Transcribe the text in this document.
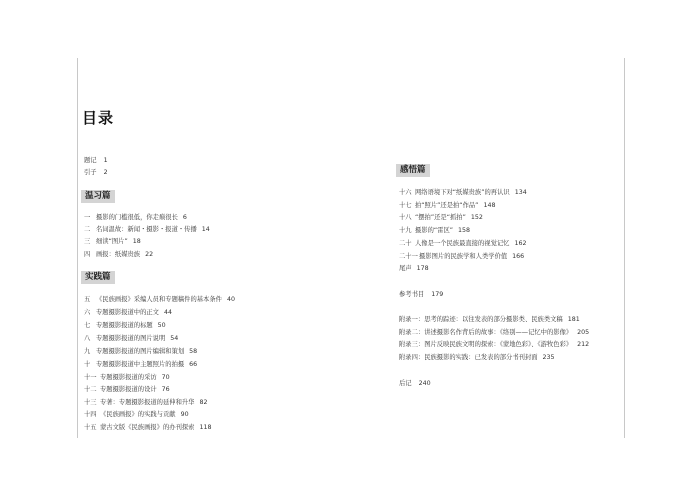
目录
题记 1
引子 2
温习篇
一 摄影的门槛很低，你走巅很长 6
二 名词温故：新闻・摄影・报道・传播 14
三 细读“图片” 18
四 画报：纸媒贵族 22
实践篇
五 《民族画报》采编人员和专题稿件的基本条件 40
六 专题摄影报道中的正文 44
七 专题摄影报道的标题 50
八 专题摄影报道的图片说明 54
九 专题摄影报道的图片编辑和策划 58
十 专题摄影报道中主题照片的拍摄 66
十一 专题摄影报道的采访 70
十二 专题摄影报道的设计 76
十三 专著：专题摄影报道的延伸和升华 82
十四 《民族画报》的实践与贡献 90
十五 蒙古文版《民族画报》的办刊探索 118
感悟篇
十六 网络语境下对“纸媒贵族”的再认识 134
十七 拍“照片”还是拍“作品” 148
十八 “摆拍”还是“抓拍” 152
十九 摄影的“雷区” 158
二十 人像是一个民族最直接的视觉记忆 162
二十一摄影图片的民族学和人类学价值 166
尾声 178
参考书目 179
附录一：思考的踪迹：以往发表的部分摄影类、民族类文稿 181
附录二：讲述摄影名作背后的故事：《络别——记忆中的影像》 205
附录三：图片反映民族文明的探索：《蒙地色彩》、《游牧色彩》 212
附录四：民族摄影的实践：已发表的部分书刊封面 235
后记 240
